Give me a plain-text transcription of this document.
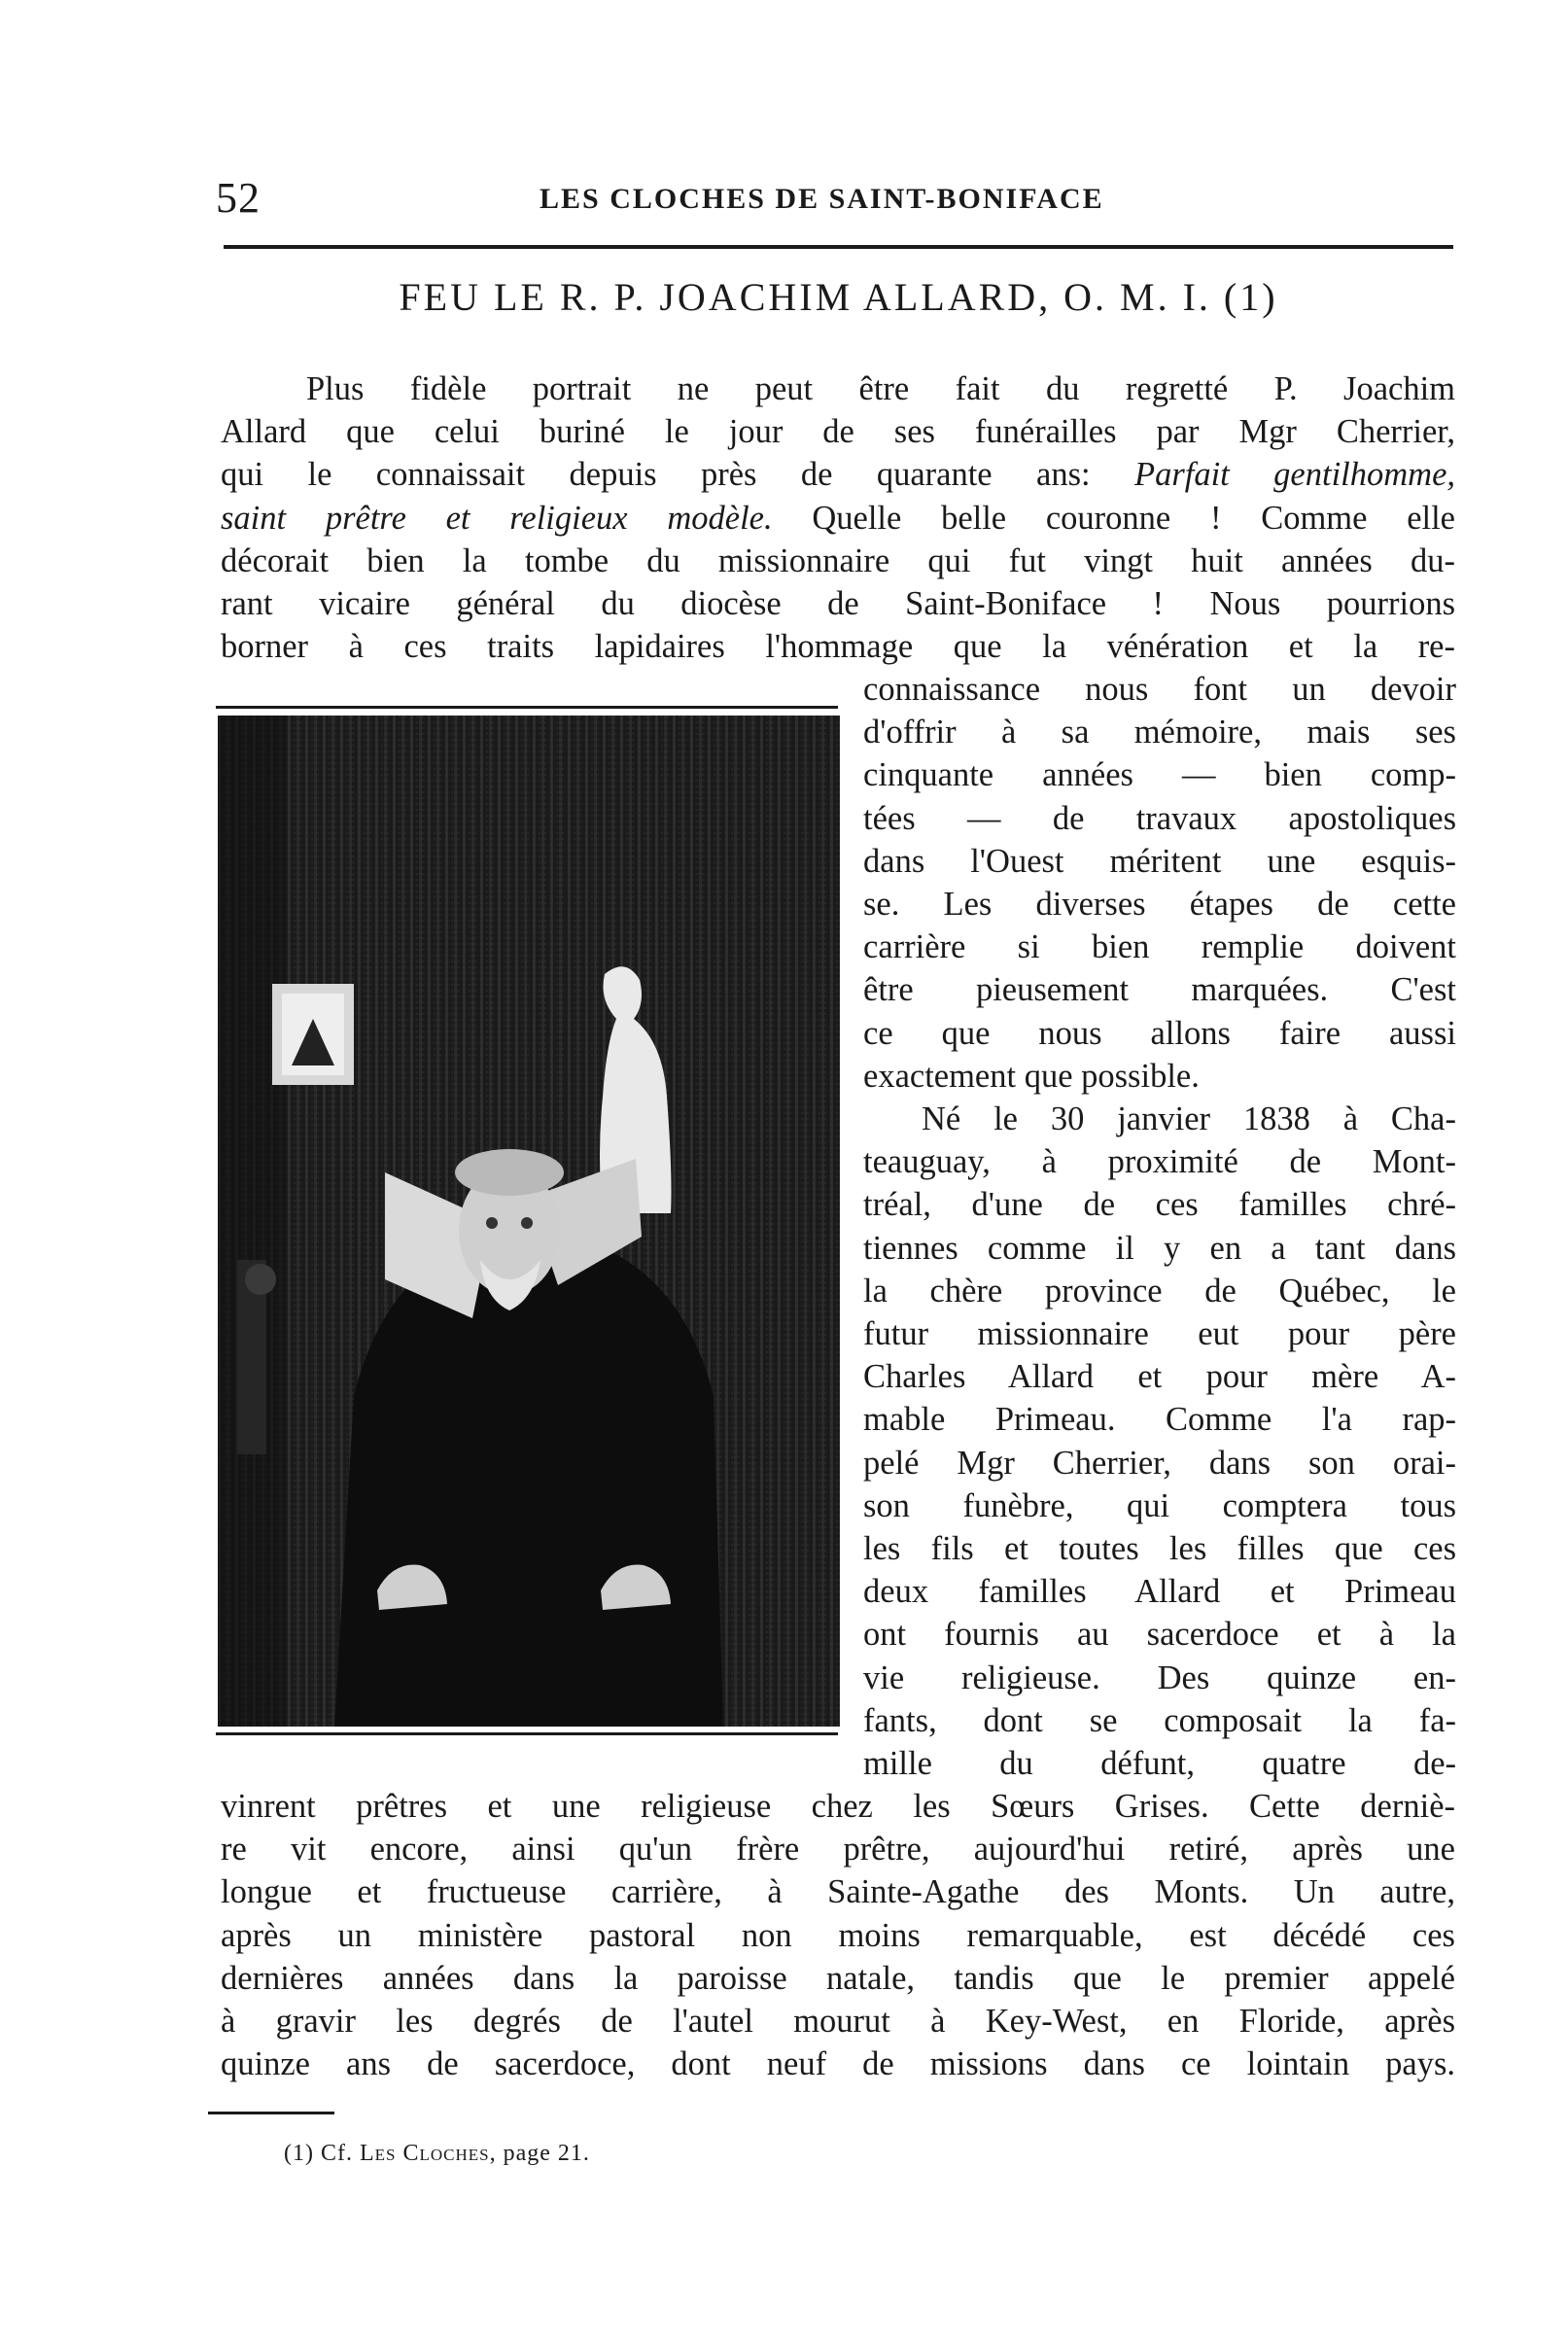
52	LES CLOCHES DE SAINT-BONIFACE
FEU LE R. P. JOACHIM ALLARD, O. M. I. (1)
Plus fidèle portrait ne peut être fait du regretté P. Joachim
Allard que celui buriné le jour de ses funérailles par Mgr Cherrier,
qui le connaissait depuis près de quarante ans: Parfait gentilhomme,
saint prêtre et religieux modèle. Quelle belle couronne ! Comme elle
décorait bien la tombe du missionnaire qui fut vingt huit années du-
rant vicaire général du diocèse de Saint-Boniface ! Nous pourrions
borner à ces traits lapidaires l'hommage que la vénération et la re-
connaissance nous font un devoir
d'offrir à sa mémoire, mais ses
cinquante années — bien comp-
tées — de travaux apostoliques
dans l'Ouest méritent une esquis-
se. Les diverses étapes de cette
carrière si bien remplie doivent
être pieusement marquées. C'est
ce que nous allons faire aussi
exactement que possible.
Né le 30 janvier 1838 à Cha-
teauguay, à proximité de Mont-
tréal, d'une de ces familles chré-
tiennes comme il y en a tant dans
la chère province de Québec, le
futur missionnaire eut pour père
Charles Allard et pour mère A-
mable Primeau. Comme l'a rap-
pelé Mgr Cherrier, dans son orai-
son funèbre, qui comptera tous
les fils et toutes les filles que ces
deux familles Allard et Primeau
ont fournis au sacerdoce et à la
vie religieuse. Des quinze en-
fants, dont se composait la fa-
mille du défunt, quatre de-
vinrent prêtres et une religieuse chez les Sœurs Grises. Cette derniè-
re vit encore, ainsi qu'un frère prêtre, aujourd'hui retiré, après une
longue et fructueuse carrière, à Sainte-Agathe des Monts. Un autre,
après un ministère pastoral non moins remarquable, est décédé ces
dernières années dans la paroisse natale, tandis que le premier appelé
à gravir les degrés de l'autel mourut à Key-West, en Floride, après
quinze ans de sacerdoce, dont neuf de missions dans ce lointain pays.
(1) Cf. Les Cloches, page 21.
